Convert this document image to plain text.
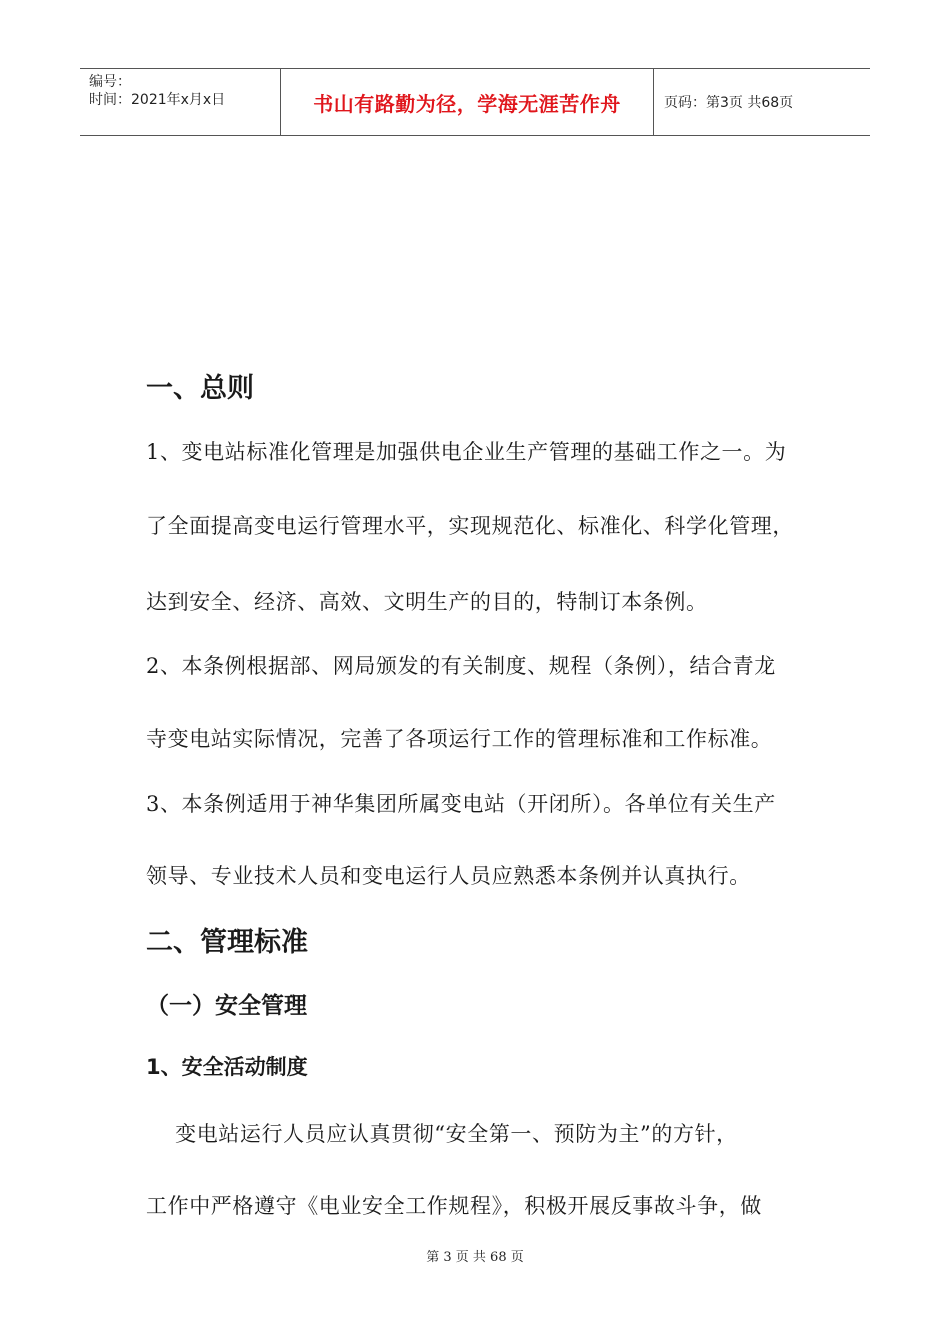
编号：
时间：2021年x月x日	书山有路勤为径，学海无涯苦作舟	页码：第3页 共68页
一、总则
1、变电站标准化管理是加强供电企业生产管理的基础工作之一。为
了全面提高变电运行管理水平，实现规范化、标准化、科学化管理，
达到安全、经济、高效、文明生产的目的，特制订本条例。
2、本条例根据部、网局颁发的有关制度、规程（条例），结合青龙
寺变电站实际情况，完善了各项运行工作的管理标准和工作标准。
3、本条例适用于神华集团所属变电站（开闭所）。各单位有关生产
领导、专业技术人员和变电运行人员应熟悉本条例并认真执行。
二、管理标准
（一）安全管理
1、安全活动制度
变电站运行人员应认真贯彻“安全第一、预防为主”的方针，
工作中严格遵守《电业安全工作规程》，积极开展反事故斗争，做
第 3 页 共 68 页
